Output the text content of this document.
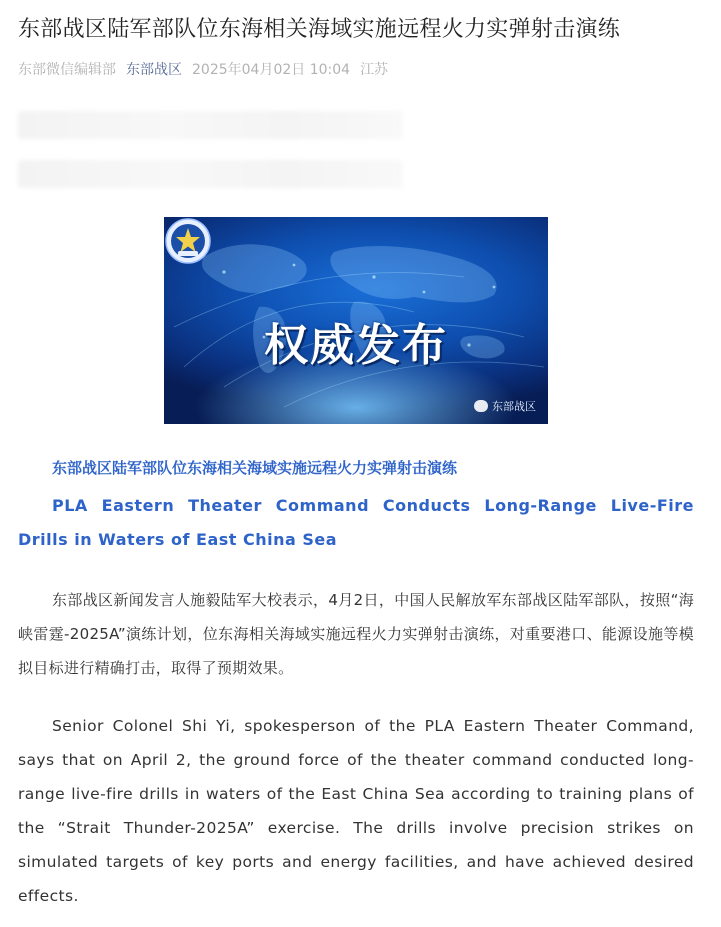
东部战区陆军部队位东海相关海域实施远程火力实弹射击演练
东部微信编辑部 东部战区 2025年04月02日 10:04 江苏
权威发布
东部战区
东部战区陆军部队位东海相关海域实施远程火力实弹射击演练
PLA Eastern Theater Command Conducts Long-Range Live-Fire Drills in Waters of East China Sea

东部战区新闻发言人施毅陆军大校表示，4月2日，中国人民解放军东部战区陆军部队，按照“海峡雷霆-2025A”演练计划，位东海相关海域实施远程火力实弹射击演练，对重要港口、能源设施等模拟目标进行精确打击，取得了预期效果。

Senior Colonel Shi Yi, spokesperson of the PLA Eastern Theater Command, says that on April 2, the ground force of the theater command conducted long-range live-fire drills in waters of the East China Sea according to training plans of the “Strait Thunder-2025A” exercise. The drills involve precision strikes on simulated targets of key ports and energy facilities, and have achieved desired effects.
